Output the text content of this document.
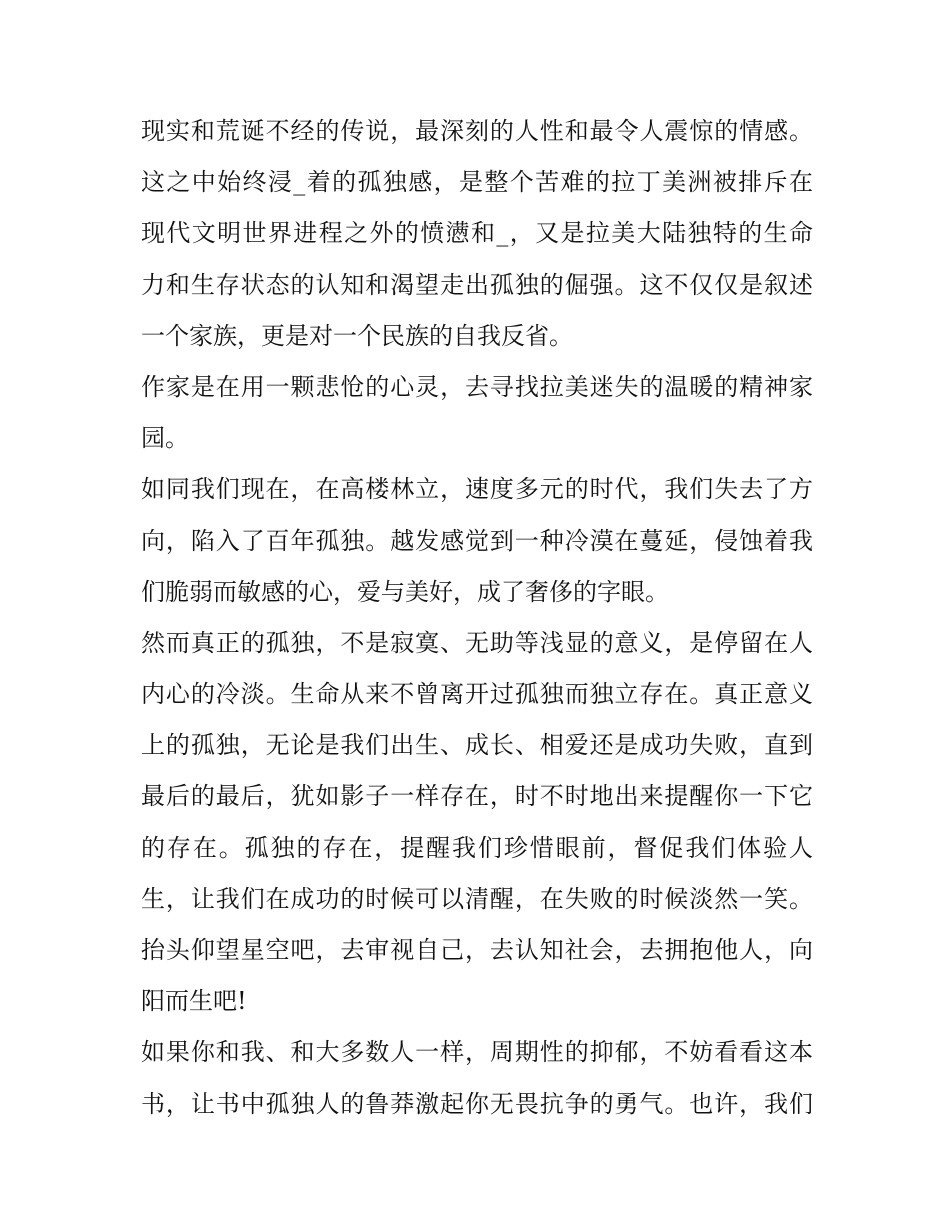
现实和荒诞不经的传说，最深刻的人性和最令人震惊的情感。
这之中始终浸_着的孤独感，是整个苦难的拉丁美洲被排斥在
现代文明世界进程之外的愤懑和_，又是拉美大陆独特的生命
力和生存状态的认知和渴望走出孤独的倔强。这不仅仅是叙述
一个家族，更是对一个民族的自我反省。
作家是在用一颗悲怆的心灵，去寻找拉美迷失的温暖的精神家
园。
如同我们现在，在高楼林立，速度多元的时代，我们失去了方
向，陷入了百年孤独。越发感觉到一种冷漠在蔓延，侵蚀着我
们脆弱而敏感的心，爱与美好，成了奢侈的字眼。
然而真正的孤独，不是寂寞、无助等浅显的意义，是停留在人
内心的冷淡。生命从来不曾离开过孤独而独立存在。真正意义
上的孤独，无论是我们出生、成长、相爱还是成功失败，直到
最后的最后，犹如影子一样存在，时不时地出来提醒你一下它
的存在。孤独的存在，提醒我们珍惜眼前，督促我们体验人
生，让我们在成功的时候可以清醒，在失败的时候淡然一笑。
抬头仰望星空吧，去审视自己，去认知社会，去拥抱他人，向
阳而生吧!
如果你和我、和大多数人一样，周期性的抑郁，不妨看看这本
书，让书中孤独人的鲁莽激起你无畏抗争的勇气。也许，我们
